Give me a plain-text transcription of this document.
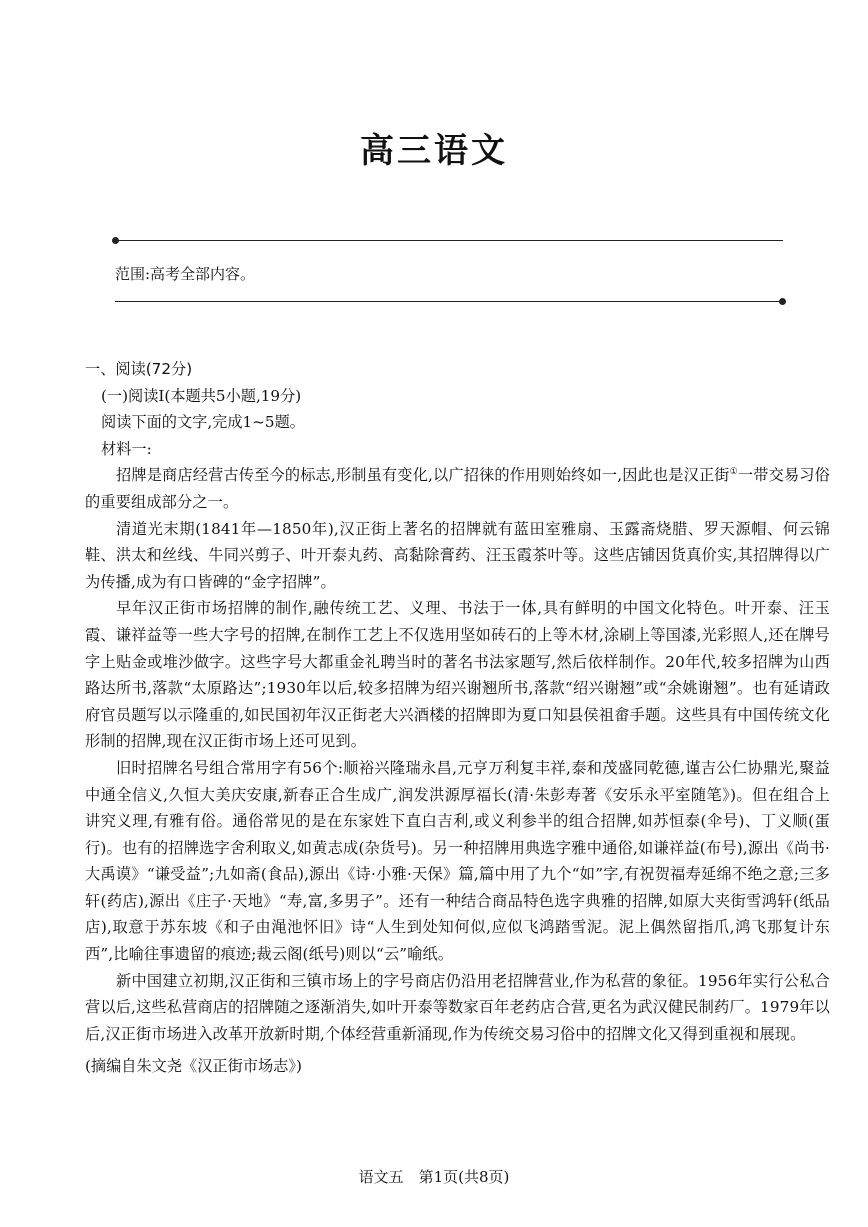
高三语文
范围:高考全部内容。

一、阅读(72分)

(一)阅读Ⅰ(本题共5小题,19分)

阅读下面的文字,完成1~5题。

材料一:

招牌是商店经营古传至今的标志,形制虽有变化,以广招徕的作用则始终如一,因此也是汉正街①一带交易习俗的重要组成部分之一。

清道光末期(1841年—1850年),汉正街上著名的招牌就有蓝田室雅扇、玉露斋烧腊、罗天源帽、何云锦鞋、洪太和丝线、牛同兴剪子、叶开泰丸药、高黏除膏药、汪玉霞茶叶等。这些店铺因货真价实,其招牌得以广为传播,成为有口皆碑的“金字招牌”。

早年汉正街市场招牌的制作,融传统工艺、义理、书法于一体,具有鲜明的中国文化特色。叶开泰、汪玉霞、谦祥益等一些大字号的招牌,在制作工艺上不仅选用坚如砖石的上等木材,涂刷上等国漆,光彩照人,还在牌号字上贴金或堆沙做字。这些字号大都重金礼聘当时的著名书法家题写,然后依样制作。20年代,较多招牌为山西路达所书,落款“太原路达”;1930年以后,较多招牌为绍兴谢翘所书,落款“绍兴谢翘”或“余姚谢翘”。也有延请政府官员题写以示隆重的,如民国初年汉正街老大兴酒楼的招牌即为夏口知县侯祖畲手题。这些具有中国传统文化形制的招牌,现在汉正街市场上还可见到。

旧时招牌名号组合常用字有56个:顺裕兴隆瑞永昌,元亨万利复丰祥,泰和茂盛同乾德,谨吉公仁协鼎光,聚益中通全信义,久恒大美庆安康,新春正合生成广,润发洪源厚福长(清·朱彭寿著《安乐永平室随笔》)。但在组合上讲究义理,有雅有俗。通俗常见的是在东家姓下直白吉利,或义利参半的组合招牌,如苏恒泰(伞号)、丁义顺(蛋行)。也有的招牌选字舍利取义,如黄志成(杂货号)。另一种招牌用典选字雅中通俗,如谦祥益(布号),源出《尚书·大禹谟》“谦受益”;九如斋(食品),源出《诗·小雅·天保》篇,篇中用了九个“如”字,有祝贺福寿延绵不绝之意;三多轩(药店),源出《庄子·天地》“寿,富,多男子”。还有一种结合商品特色选字典雅的招牌,如原大夹街雪鸿轩(纸品店),取意于苏东坡《和子由渑池怀旧》诗“人生到处知何似,应似飞鸿踏雪泥。泥上偶然留指爪,鸿飞那复计东西”,比喻往事遗留的痕迹;裁云阁(纸号)则以“云”喻纸。

新中国建立初期,汉正街和三镇市场上的字号商店仍沿用老招牌营业,作为私营的象征。1956年实行公私合营以后,这些私营商店的招牌随之逐渐消失,如叶开泰等数家百年老药店合营,更名为武汉健民制药厂。1979年以后,汉正街市场进入改革开放新时期,个体经营重新涌现,作为传统交易习俗中的招牌文化又得到重视和展现。

(摘编自朱文尧《汉正街市场志》)

语文五　第1页(共8页)
